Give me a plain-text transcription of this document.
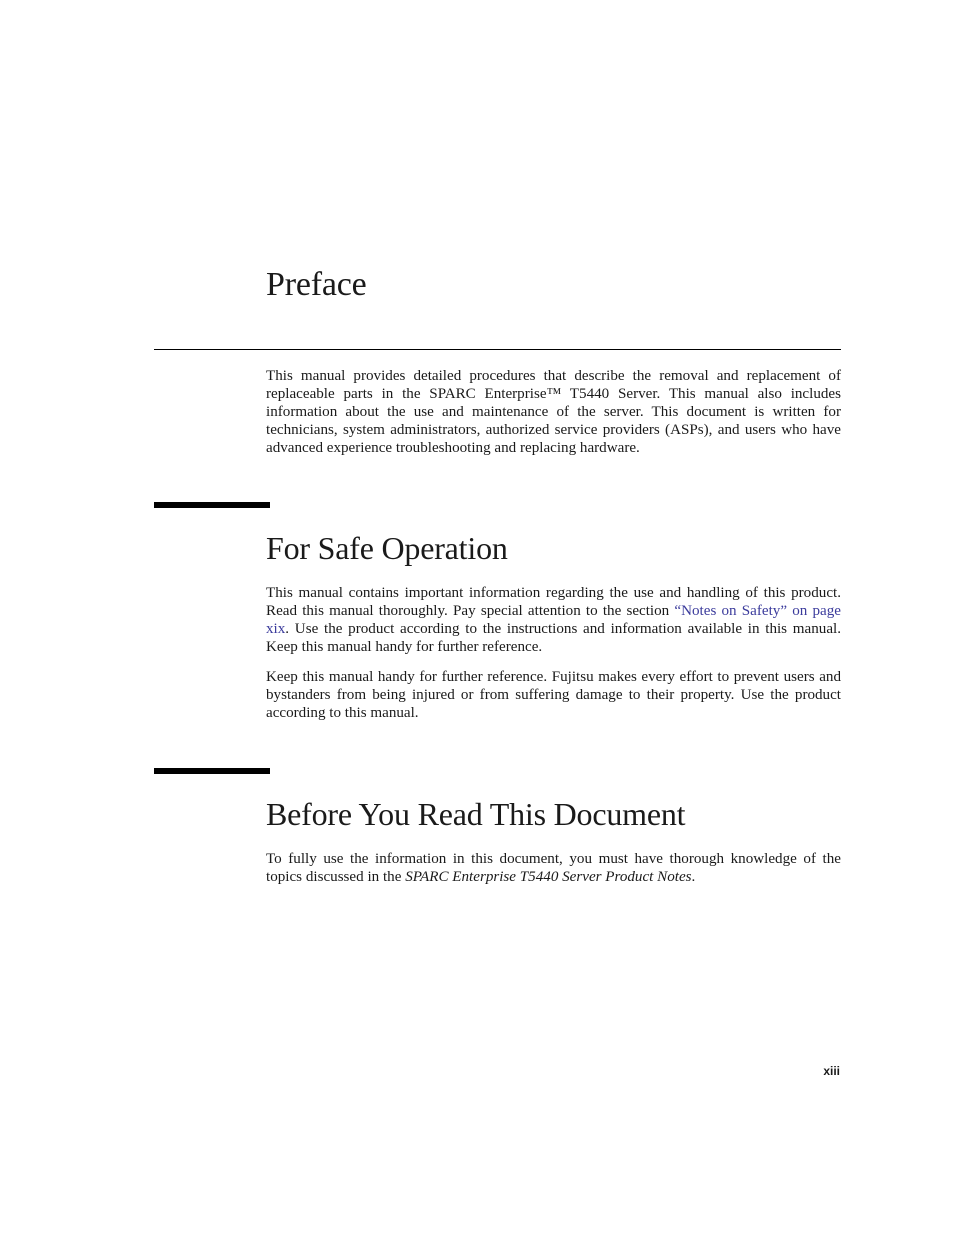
Preface

This manual provides detailed procedures that describe the removal and replacement of replaceable parts in the SPARC Enterprise™ T5440 Server. This manual also includes information about the use and maintenance of the server. This document is written for technicians, system administrators, authorized service providers (ASPs), and users who have advanced experience troubleshooting and replacing hardware.

For Safe Operation

This manual contains important information regarding the use and handling of this product. Read this manual thoroughly. Pay special attention to the section “Notes on Safety” on page xix. Use the product according to the instructions and information available in this manual. Keep this manual handy for further reference.

Keep this manual handy for further reference. Fujitsu makes every effort to prevent users and bystanders from being injured or from suffering damage to their property. Use the product according to this manual.

Before You Read This Document

To fully use the information in this document, you must have thorough knowledge of the topics discussed in the SPARC Enterprise T5440 Server Product Notes.

xiii
